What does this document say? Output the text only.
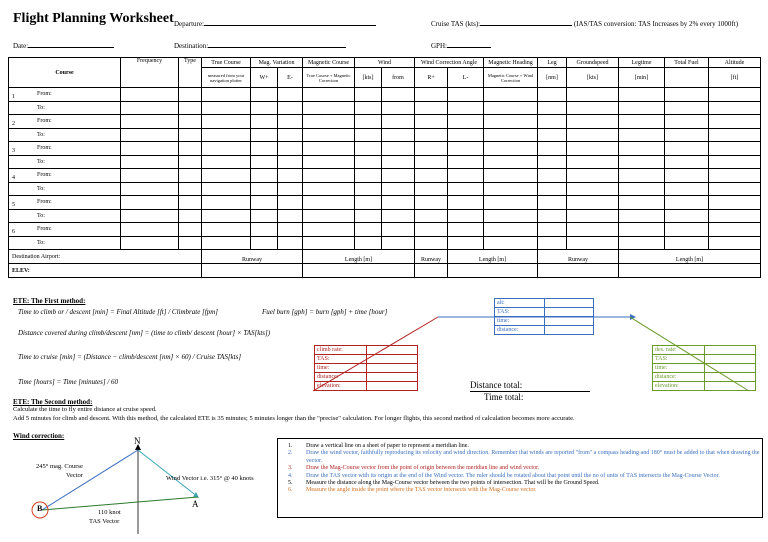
Flight Planning Worksheet Departure:	Cruise TAS (kts):	(IAS/TAS conversion: TAS Increases by 2% every 1000ft)
Date:	Destination:	GPH:
Course	Frequency	Type	True Course	Mag. Variation		Magnetic Course	Wind		Wind Correction Angle		Magnetic Heading	Leg	Groundspeed	Legtime	Total Fuel	Altitude

			measured from your navigation plotter	W+	E-	True Course + Magnetic Correction	[kts]	from	R+	L-	Magnetic Course + Wind Correction	[nm]	[kts]	[min]		[ft]

1 From:																
To:																

2 From:																
To:																

3 From:																
To:																

4 From:																
To:																

5 From:																
To:																

6 From:																
To:																
Destination Airport:			Runway			Length [m]			Runway	Length [m]		Runway		Length [m]		
ELEV:																
ETE: The First method:
Time to climb or / descent [min] = Final Altitude [ft] / Climbrate [fpm]	Fuel burn [gph] = burn [gph] + time [hour]
Distance covered during climb/descent [nm] = (time to climb/ descent [hour] × TAS[kts])
Time to cruise [min] = (Distance − climb/descent [nm] × 60) / Cruise TAS[kts]
Time [hours] = Time [minutes] / 60
climb rate:
TAS:
time:
distance:
elevation:
alt:
TAS:
time:
distance:
des. rate:
TAS:
time:
distance:
elevation:
Distance total:
Time total:
ETE: The Second method:
Calculate the time to fly entire distance at cruise speed.
Add 5 minutes for climb and descent. With this method, the calculated ETE is 35 minutes; 5 minutes longer than the "precise" calculation. For longer flights, this second method of calculation becomes more accurate.
Wind correction:	N
245° mag. Course
Vector	Wind Vector i.e. 315° @ 40 knots
A
B	110 knot
TAS Vector
1. Draw a vertical line on a sheet of paper to represent a meridian line.
2. Draw the wind vector, faithfully reproducing its velocity and wind direction. Remember that winds are reported "from" a compass heading and 180° must be added to that when drawing the vector.
3. Draw the Mag-Course vector from the point of origin between the meridian line and wind vector.
4. Draw the TAS vector with its origin at the end of the Wind vector. The ruler should be rotated about that point until the no of units of TAS intersects the Mag-Course Vector.
5. Measure the distance along the Mag-Course vector between the two points of intersection. That will be the Ground Speed.
6. Measure the angle inside the point where the TAS vector intersects with the Mag-Course vector.
